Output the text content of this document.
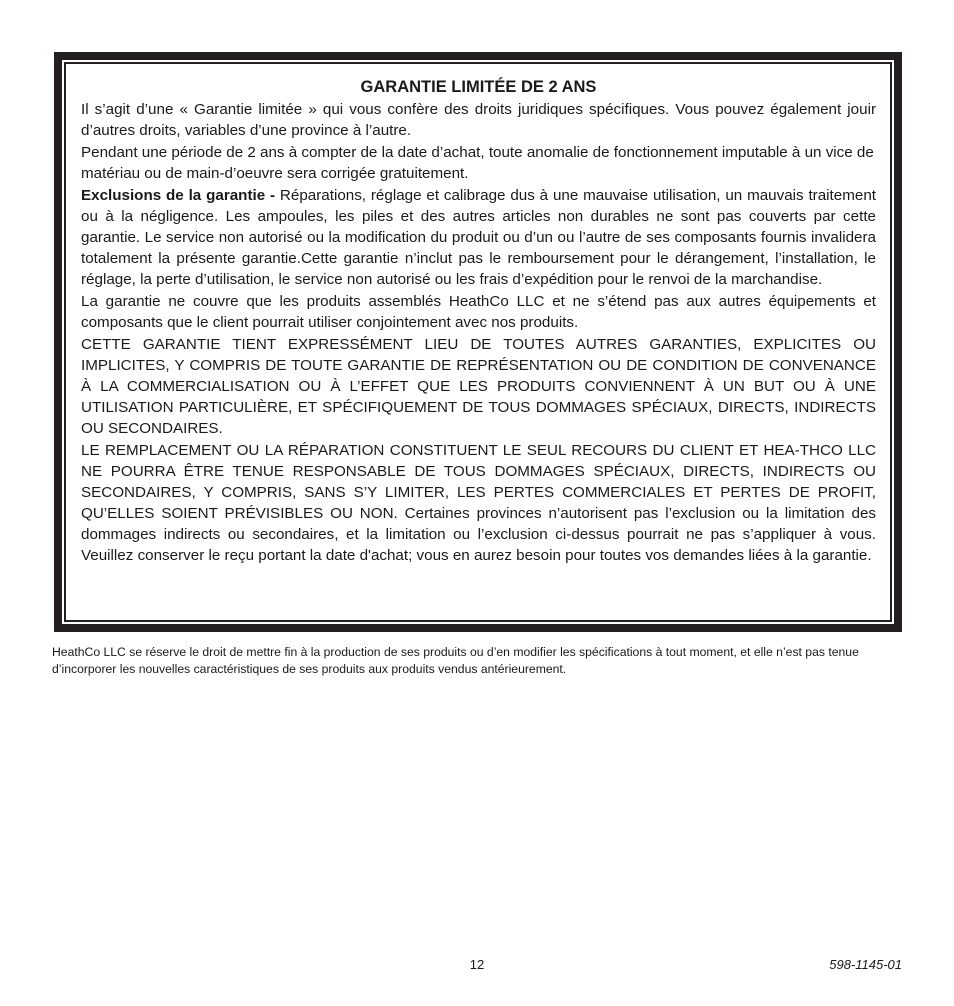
GARANTIE LIMITÉE DE 2 ANS

Il s’agit d’une « Garantie limitée » qui vous confère des droits juridiques spécifiques. Vous pouvez également jouir d’autres droits, variables d’une province à l’autre.

Pendant une période de 2 ans à compter de la date d’achat, toute anomalie de fonctionnement imputable à un vice de matériau ou de main-d’oeuvre sera corrigée gratuitement.

Exclusions de la garantie - Réparations, réglage et calibrage dus à une mauvaise utilisation, un mauvais traitement ou à la négligence. Les ampoules, les piles et des autres articles non durables ne sont pas couverts par cette garantie. Le service non autorisé ou la modification du produit ou d’un ou l’autre de ses composants fournis invalidera totalement la présente garantie.Cette garantie n’inclut pas le remboursement pour le dérangement, l’installation, le réglage, la perte d’utilisation, le service non autorisé ou les frais d’expédition pour le renvoi de la marchandise.

La garantie ne couvre que les produits assemblés HeathCo LLC et ne s’étend pas aux autres équipements et composants que le client pourrait utiliser conjointement avec nos produits.

CETTE GARANTIE TIENT EXPRESSÉMENT LIEU DE TOUTES AUTRES GARANTIES, EXPLICITES OU IMPLICITES, Y COMPRIS DE TOUTE GARANTIE DE REPRÉSENTATION OU DE CONDITION DE CONVENANCE À LA COMMERCIALISATION OU À L’EFFET QUE LES PRODUITS CONVIENNENT À UN BUT OU À UNE UTILISATION PARTICULIÈRE, ET SPÉCIFIQUEMENT DE TOUS DOMMAGES SPÉCIAUX, DIRECTS, INDIRECTS OU SECONDAIRES.

LE REMPLACEMENT OU LA RÉPARATION CONSTITUENT LE SEUL RECOURS DU CLIENT ET HEA-THCO LLC NE POURRA ÊTRE TENUE RESPONSABLE DE TOUS DOMMAGES SPÉCIAUX, DIRECTS, INDIRECTS OU SECONDAIRES, Y COMPRIS, SANS S’Y LIMITER, LES PERTES COMMERCIALES ET PERTES DE PROFIT, QU’ELLES SOIENT PRÉVISIBLES OU NON. Certaines provinces n’autorisent pas l’exclusion ou la limitation des dommages indirects ou secondaires, et la limitation ou l’exclusion ci-dessus pourrait ne pas s’appliquer à vous. Veuillez conserver le reçu portant la date d'achat; vous en aurez besoin pour toutes vos demandes liées à la garantie.

HeathCo LLC se réserve le droit de mettre fin à la production de ses produits ou d’en modifier les spécifications à tout moment, et elle n’est pas tenue d’incorporer les nouvelles caractéristiques de ses produits aux produits vendus antérieurement.
12	598-1145-01
